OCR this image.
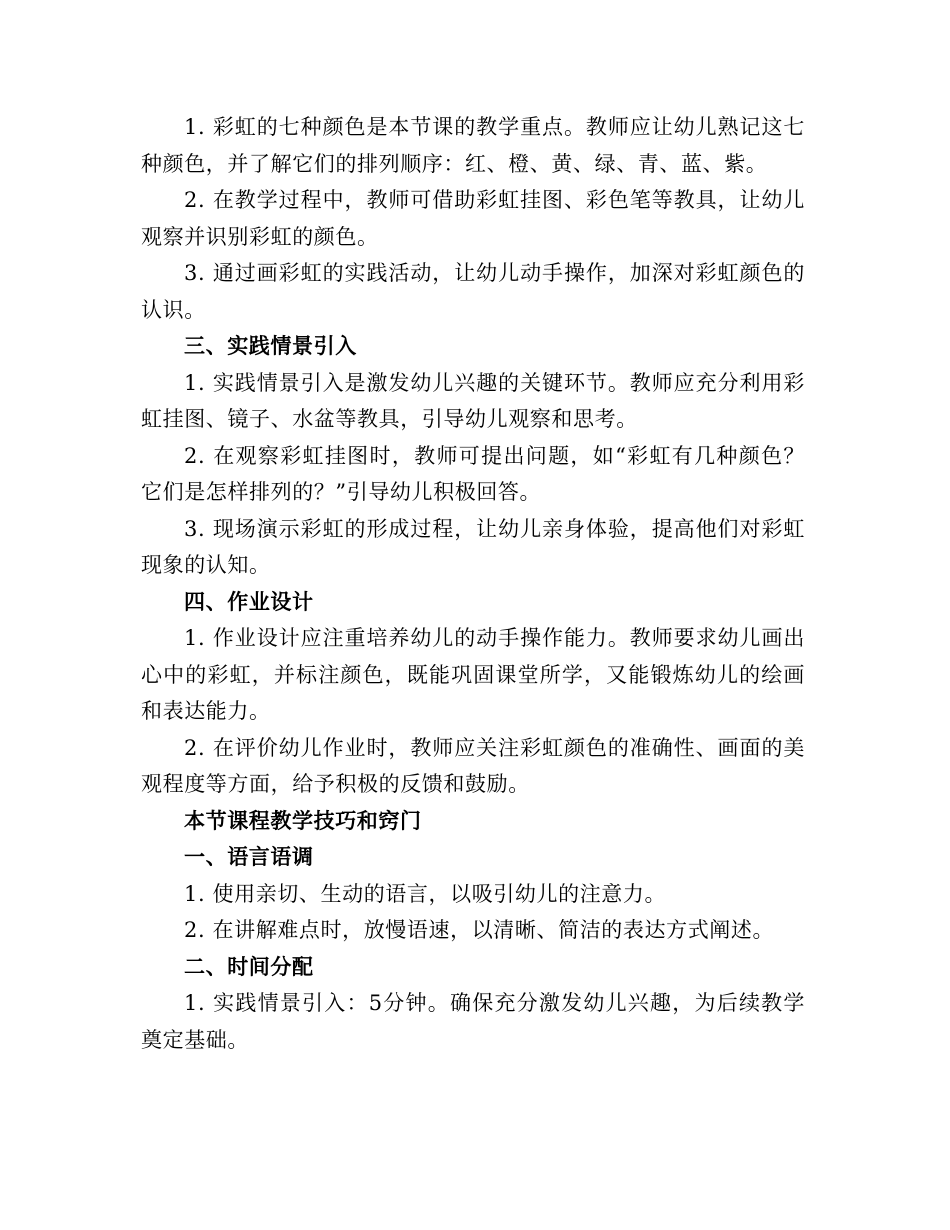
1. 彩虹的七种颜色是本节课的教学重点。教师应让幼儿熟记这七种颜色，并了解它们的排列顺序：红、橙、黄、绿、青、蓝、紫。

2. 在教学过程中，教师可借助彩虹挂图、彩色笔等教具，让幼儿观察并识别彩虹的颜色。

3. 通过画彩虹的实践活动，让幼儿动手操作，加深对彩虹颜色的认识。

三、实践情景引入

1. 实践情景引入是激发幼儿兴趣的关键环节。教师应充分利用彩虹挂图、镜子、水盆等教具，引导幼儿观察和思考。

2. 在观察彩虹挂图时，教师可提出问题，如“彩虹有几种颜色？它们是怎样排列的？”引导幼儿积极回答。

3. 现场演示彩虹的形成过程，让幼儿亲身体验，提高他们对彩虹现象的认知。

四、作业设计

1. 作业设计应注重培养幼儿的动手操作能力。教师要求幼儿画出心中的彩虹，并标注颜色，既能巩固课堂所学，又能锻炼幼儿的绘画和表达能力。

2. 在评价幼儿作业时，教师应关注彩虹颜色的准确性、画面的美观程度等方面，给予积极的反馈和鼓励。

本节课程教学技巧和窍门

一、语言语调

1. 使用亲切、生动的语言，以吸引幼儿的注意力。

2. 在讲解难点时，放慢语速，以清晰、简洁的表达方式阐述。

二、时间分配

1. 实践情景引入：5分钟。确保充分激发幼儿兴趣，为后续教学奠定基础。
